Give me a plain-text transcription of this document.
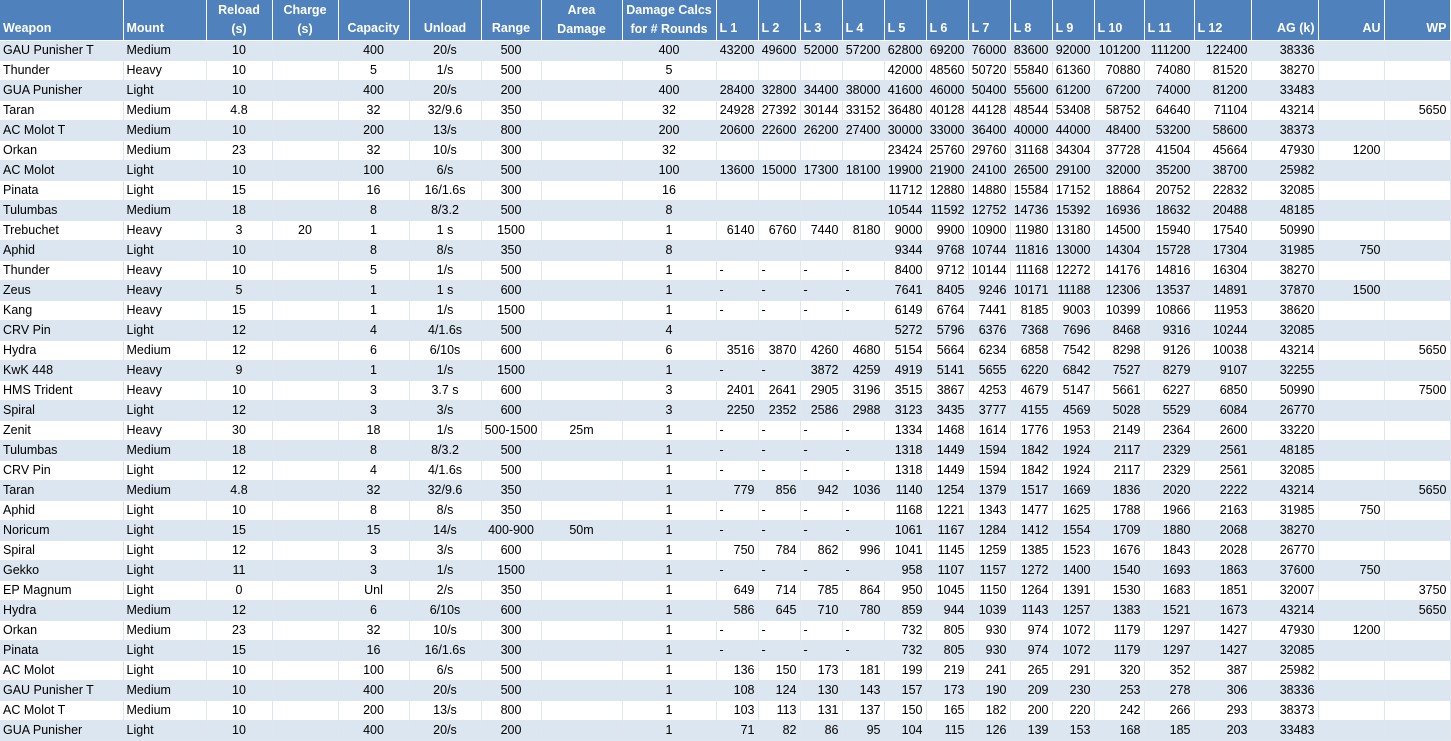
Weapon	Mount	Reload (s)	Charge (s)	Capacity	Unload	Range	Area Damage	Damage Calcs for # Rounds	L 1	L 2	L 3	L 4	L 5	L 6	L 7	L 8	L 9	L 10	L 11	L 12	AG (k)	AU	WP
GAU Punisher T	Medium	10		400	20/s	500		400	43200	49600	52000	57200	62800	69200	76000	83600	92000	101200	111200	122400	38336		
Thunder	Heavy	10		5	1/s	500		5					42000	48560	50720	55840	61360	70880	74080	81520	38270		
GUA Punisher	Light	10		400	20/s	200		400	28400	32800	34400	38000	41600	46000	50400	55600	61200	67200	74000	81200	33483		
Taran	Medium	4.8		32	32/9.6	350		32	24928	27392	30144	33152	36480	40128	44128	48544	53408	58752	64640	71104	43214		5650
AC Molot T	Medium	10		200	13/s	800		200	20600	22600	26200	27400	30000	33000	36400	40000	44000	48400	53200	58600	38373		
Orkan	Medium	23		32	10/s	300		32					23424	25760	29760	31168	34304	37728	41504	45664	47930	1200	
AC Molot	Light	10		100	6/s	500		100	13600	15000	17300	18100	19900	21900	24100	26500	29100	32000	35200	38700	25982		
Pinata	Light	15		16	16/1.6s	300		16					11712	12880	14880	15584	17152	18864	20752	22832	32085		
Tulumbas	Medium	18		8	8/3.2	500		8					10544	11592	12752	14736	15392	16936	18632	20488	48185		
Trebuchet	Heavy	3	20	1	1 s	1500		1	6140	6760	7440	8180	9000	9900	10900	11980	13180	14500	15940	17540	50990		
Aphid	Light	10		8	8/s	350		8					9344	9768	10744	11816	13000	14304	15728	17304	31985	750	
Thunder	Heavy	10		5	1/s	500		1	-	-	-	-	8400	9712	10144	11168	12272	14176	14816	16304	38270		
Zeus	Heavy	5		1	1 s	600		1	-	-	-	-	7641	8405	9246	10171	11188	12306	13537	14891	37870	1500	
Kang	Heavy	15		1	1/s	1500		1	-	-	-	-	6149	6764	7441	8185	9003	10399	10866	11953	38620		
CRV Pin	Light	12		4	4/1.6s	500		4					5272	5796	6376	7368	7696	8468	9316	10244	32085		
Hydra	Medium	12		6	6/10s	600		6	3516	3870	4260	4680	5154	5664	6234	6858	7542	8298	9126	10038	43214		5650
KwK 448	Heavy	9		1	1/s	1500		1	-	-	3872	4259	4919	5141	5655	6220	6842	7527	8279	9107	32255		
HMS Trident	Heavy	10		3	3.7 s	600		3	2401	2641	2905	3196	3515	3867	4253	4679	5147	5661	6227	6850	50990		7500
Spiral	Light	12		3	3/s	600		3	2250	2352	2586	2988	3123	3435	3777	4155	4569	5028	5529	6084	26770		
Zenit	Heavy	30		18	1/s	500-1500	25m	1	-	-	-	-	1334	1468	1614	1776	1953	2149	2364	2600	33220		
Tulumbas	Medium	18		8	8/3.2	500		1	-	-	-	-	1318	1449	1594	1842	1924	2117	2329	2561	48185		
CRV Pin	Light	12		4	4/1.6s	500		1	-	-	-	-	1318	1449	1594	1842	1924	2117	2329	2561	32085		
Taran	Medium	4.8		32	32/9.6	350		1	779	856	942	1036	1140	1254	1379	1517	1669	1836	2020	2222	43214		5650
Aphid	Light	10		8	8/s	350		1	-	-	-	-	1168	1221	1343	1477	1625	1788	1966	2163	31985	750	
Noricum	Light	15		15	14/s	400-900	50m	1	-	-	-	-	1061	1167	1284	1412	1554	1709	1880	2068	38270		
Spiral	Light	12		3	3/s	600		1	750	784	862	996	1041	1145	1259	1385	1523	1676	1843	2028	26770		
Gekko	Light	11		3	1/s	1500		1	-	-	-	-	958	1107	1157	1272	1400	1540	1693	1863	37600	750	
EP Magnum	Light	0		Unl	2/s	350		1	649	714	785	864	950	1045	1150	1264	1391	1530	1683	1851	32007		3750
Hydra	Medium	12		6	6/10s	600		1	586	645	710	780	859	944	1039	1143	1257	1383	1521	1673	43214		5650
Orkan	Medium	23		32	10/s	300		1	-	-	-	-	732	805	930	974	1072	1179	1297	1427	47930	1200	
Pinata	Light	15		16	16/1.6s	300		1	-	-	-	-	732	805	930	974	1072	1179	1297	1427	32085		
AC Molot	Light	10		100	6/s	500		1	136	150	173	181	199	219	241	265	291	320	352	387	25982		
GAU Punisher T	Medium	10		400	20/s	500		1	108	124	130	143	157	173	190	209	230	253	278	306	38336		
AC Molot T	Medium	10		200	13/s	800		1	103	113	131	137	150	165	182	200	220	242	266	293	38373		
GUA Punisher	Light	10		400	20/s	200		1	71	82	86	95	104	115	126	139	153	168	185	203	33483		
